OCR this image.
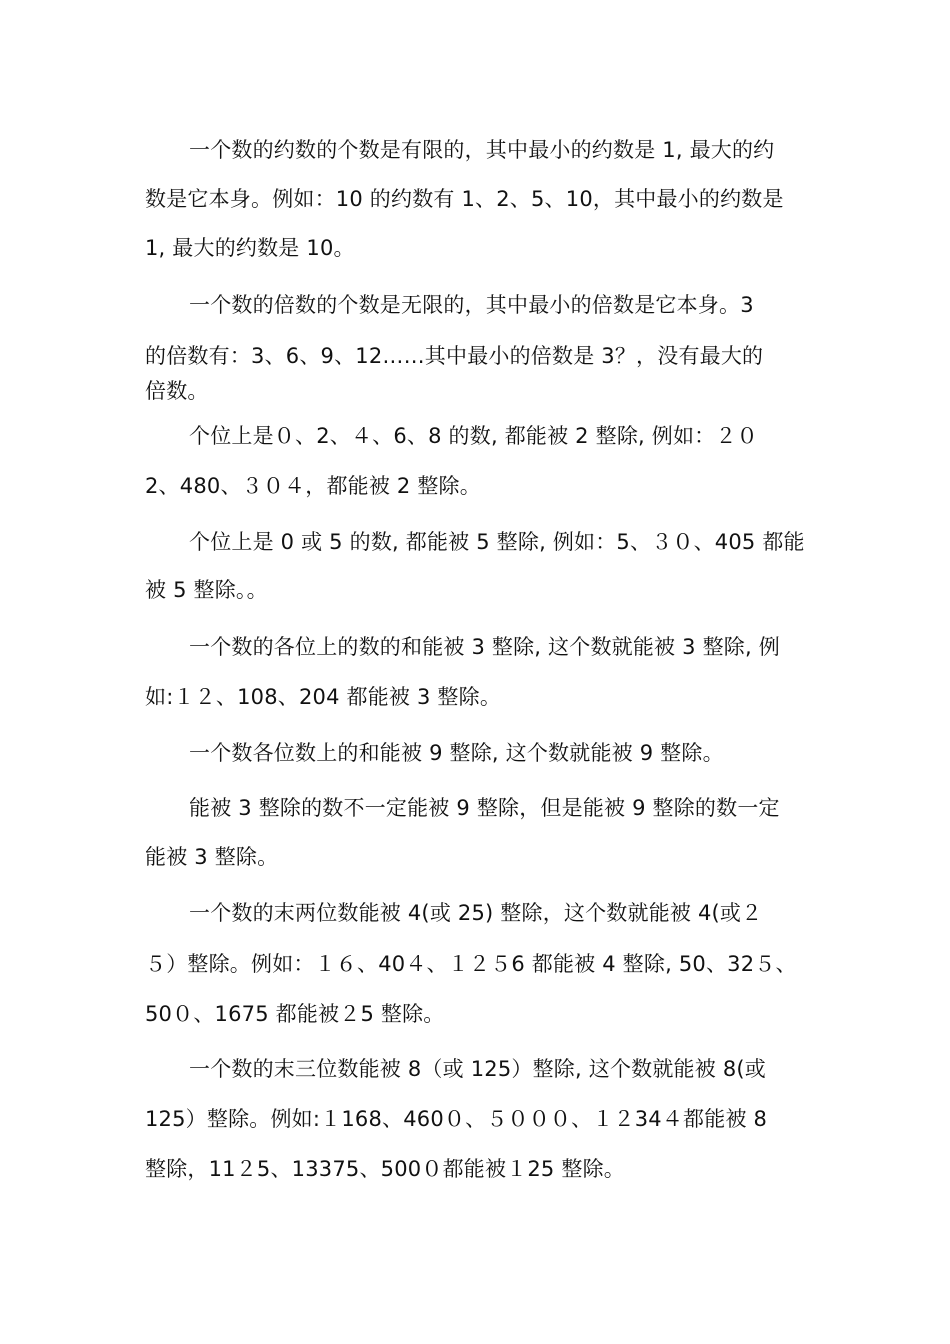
一个数的约数的个数是有限的，其中最小的约数是 1, 最大的约
数是它本身。例如：10 的约数有 1、2、5、10，其中最小的约数是
1, 最大的约数是 10。
一个数的倍数的个数是无限的，其中最小的倍数是它本身。3
的倍数有：3、6、9、12……其中最小的倍数是 3？，没有最大的
倍数。
个位上是０、2、４、6、8 的数, 都能被 2 整除, 例如：２０
2、480、３０４，都能被 2 整除。
个位上是 0 或 5 的数, 都能被 5 整除, 例如：5、３０、405 都能
被 5 整除。。
一个数的各位上的数的和能被 3 整除, 这个数就能被 3 整除, 例
如:１２、108、204 都能被 3 整除。
一个数各位数上的和能被 9 整除, 这个数就能被 9 整除。
能被 3 整除的数不一定能被 9 整除，但是能被 9 整除的数一定
能被 3 整除。
一个数的末两位数能被 4(或 25) 整除，这个数就能被 4(或２
５）整除。例如：１６、40４、１２５6 都能被 4 整除, 50、32５、
50０、1675 都能被２5 整除。
一个数的末三位数能被 8（或 125）整除, 这个数就能被 8(或
125）整除。例如:１168、460０、５０００、１２34４都能被 8
整除，11２5、13375、500０都能被１25 整除。
